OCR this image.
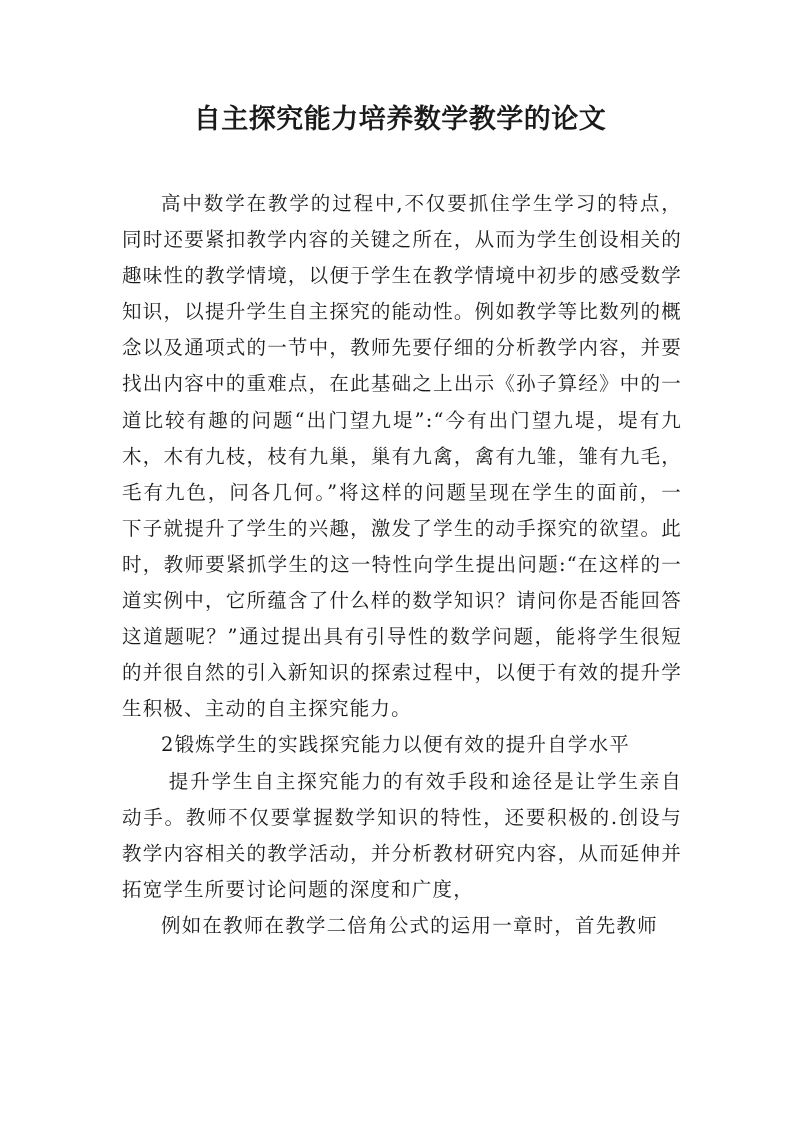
自主探究能力培养数学教学的论文

高中数学在教学的过程中,不仅要抓住学生学习的特点，同时还要紧扣教学内容的关键之所在，从而为学生创设相关的趣味性的教学情境，以便于学生在教学情境中初步的感受数学知识，以提升学生自主探究的能动性。例如教学等比数列的概念以及通项式的一节中，教师先要仔细的分析教学内容，并要找出内容中的重难点，在此基础之上出示《孙子算经》中的一道比较有趣的问题“出门望九堤”:“今有出门望九堤，堤有九木，木有九枝，枝有九巢，巢有九禽，禽有九雏，雏有九毛，毛有九色，问各几何。”将这样的问题呈现在学生的面前，一下子就提升了学生的兴趣，激发了学生的动手探究的欲望。此时，教师要紧抓学生的这一特性向学生提出问题:“在这样的一道实例中，它所蕴含了什么样的数学知识？请问你是否能回答这道题呢？”通过提出具有引导性的数学问题，能将学生很短的并很自然的引入新知识的探索过程中，以便于有效的提升学生积极、主动的自主探究能力。

2锻炼学生的实践探究能力以便有效的提升自学水平

提升学生自主探究能力的有效手段和途径是让学生亲自动手。教师不仅要掌握数学知识的特性，还要积极的.创设与教学内容相关的教学活动，并分析教材研究内容，从而延伸并拓宽学生所要讨论问题的深度和广度，

例如在教师在教学二倍角公式的运用一章时，首先教师
